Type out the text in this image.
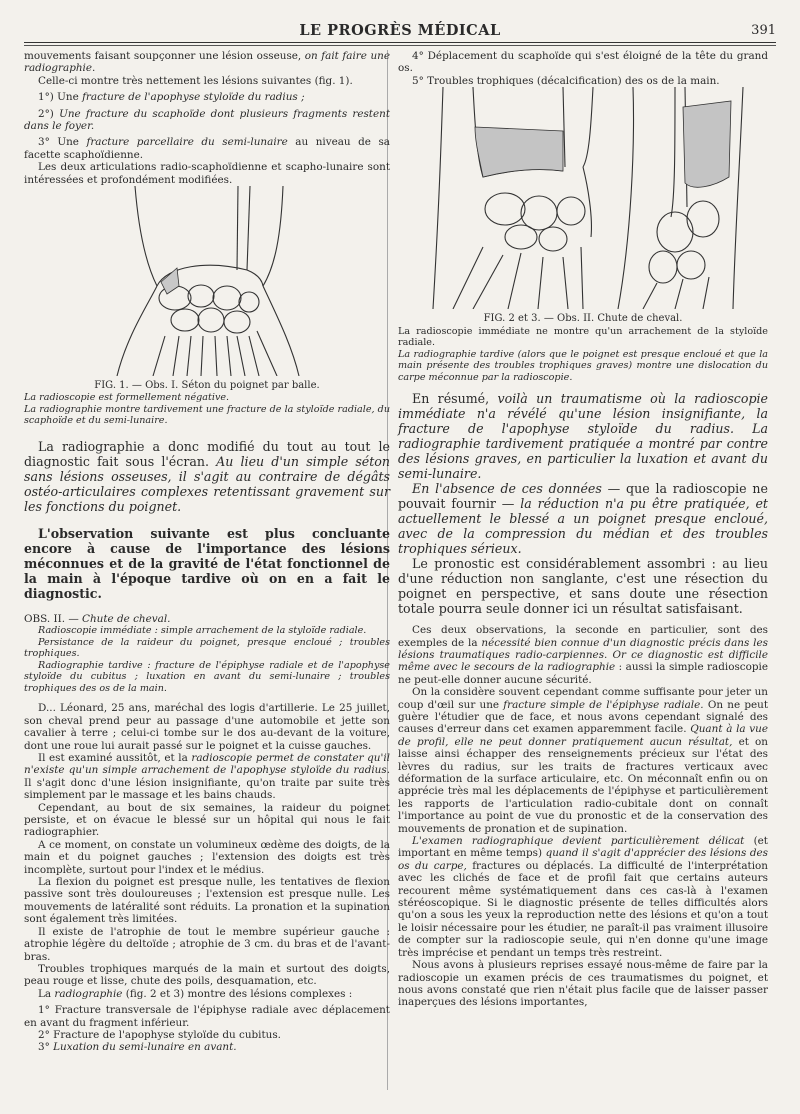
LE PROGRÈS MÉDICAL	391

mouvements faisant soupçonner une lésion osseuse, on fait faire une radiographie.

Celle-ci montre très nettement les lésions suivantes (fig. 1).

1°) Une fracture de l'apophyse styloïde du radius ;

2°) Une fracture du scaphoïde dont plusieurs fragments restent dans le foyer.

3° Une fracture parcellaire du semi-lunaire au niveau de sa facette scaphoïdienne.

Les deux articulations radio-scaphoïdienne et scapho-lunaire sont intéressées et profondément modifiées.

FIG. 1. — Obs. I. Séton du poignet par balle.

La radioscopie est formellement négative.

La radiographie montre tardivement une fracture de la styloïde radiale, du scaphoïde et du semi-lunaire.

La radiographie a donc modifié du tout au tout le diagnostic fait sous l'écran. Au lieu d'un simple séton sans lésions osseuses, il s'agit au contraire de dégâts ostéo-articulaires complexes retentissant gravement sur les fonctions du poignet.

L'observation suivante est plus concluante encore à cause de l'importance des lésions méconnues et de la gravité de l'état fonctionnel de la main à l'époque tardive où on en a fait le diagnostic.

OBS. II. — Chute de cheval.

Radioscopie immédiate : simple arrachement de la styloïde radiale.

Persistance de la raideur du poignet, presque encloué ; troubles trophiques.

Radiographie tardive : fracture de l'épiphyse radiale et de l'apophyse styloïde du cubitus ; luxation en avant du semi-lunaire ; troubles trophiques des os de la main.

D... Léonard, 25 ans, maréchal des logis d'artillerie. Le 25 juillet, son cheval prend peur au passage d'une automobile et jette son cavalier à terre ; celui-ci tombe sur le dos au-devant de la voiture, dont une roue lui aurait passé sur le poignet et la cuisse gauches.

Il est examiné aussitôt, et la radioscopie permet de constater qu'il n'existe qu'un simple arrachement de l'apophyse styloïde du radius. Il s'agit donc d'une lésion insignifiante, qu'on traite par suite très simplement par le massage et les bains chauds.

Cependant, au bout de six semaines, la raideur du poignet persiste, et on évacue le blessé sur un hôpital qui nous le fait radiographier.

A ce moment, on constate un volumineux œdème des doigts, de la main et du poignet gauches ; l'extension des doigts est très incomplète, surtout pour l'index et le médius.

La flexion du poignet est presque nulle, les tentatives de flexion passive sont très douloureuses ; l'extension est presque nulle. Les mouvements de latéralité sont réduits. La pronation et la supination sont également très limitées.

Il existe de l'atrophie de tout le membre supérieur gauche : atrophie légère du deltoïde ; atrophie de 3 cm. du bras et de l'avant-bras.

Troubles trophiques marqués de la main et surtout des doigts, peau rouge et lisse, chute des poils, desquamation, etc.

La radiographie (fig. 2 et 3) montre des lésions complexes :

1° Fracture transversale de l'épiphyse radiale avec déplacement en avant du fragment inférieur.

2° Fracture de l'apophyse styloïde du cubitus.

3° Luxation du semi-lunaire en avant.

4° Déplacement du scaphoïde qui s'est éloigné de la tête du grand os.

5° Troubles trophiques (décalcification) des os de la main.

FIG. 2 et 3. — Obs. II. Chute de cheval.

La radioscopie immédiate ne montre qu'un arrachement de la styloïde radiale.

La radiographie tardive (alors que le poignet est presque encloué et que la main présente des troubles trophiques graves) montre une dislocation du carpe méconnue par la radioscopie.

En résumé, voilà un traumatisme où la radioscopie immédiate n'a révélé qu'une lésion insignifiante, la fracture de l'apophyse styloïde du radius. La radiographie tardivement pratiquée a montré par contre des lésions graves, en particulier la luxation et avant du semi-lunaire.

En l'absence de ces données — que la radioscopie ne pouvait fournir — la réduction n'a pu être pratiquée, et actuellement le blessé a un poignet presque encloué, avec de la compression du médian et des troubles trophiques sérieux.

Le pronostic est considérablement assombri : au lieu d'une réduction non sanglante, c'est une résection du poignet en perspective, et sans doute une résection totale pourra seule donner ici un résultat satisfaisant.

Ces deux observations, la seconde en particulier, sont des exemples de la nécessité bien connue d'un diagnostic précis dans les lésions traumatiques radio-carpiennes. Or ce diagnostic est difficile même avec le secours de la radiographie : aussi la simple radioscopie ne peut-elle donner aucune sécurité.

On la considère souvent cependant comme suffisante pour jeter un coup d'œil sur une fracture simple de l'épiphyse radiale. On ne peut guère l'étudier que de face, et nous avons cependant signalé des causes d'erreur dans cet examen apparemment facile. Quant à la vue de profil, elle ne peut donner pratiquement aucun résultat, et on laisse ainsi échapper des renseignements précieux sur l'état des lèvres du radius, sur les traits de fractures verticaux avec déformation de la surface articulaire, etc. On méconnaît enfin ou on apprécie très mal les déplacements de l'épiphyse et particulièrement les rapports de l'articulation radio-cubitale dont on connaît l'importance au point de vue du pronostic et de la conservation des mouvements de pronation et de supination.

L'examen radiographique devient particulièrement délicat (et important en même temps) quand il s'agit d'apprécier des lésions des os du carpe, fractures ou déplacés. La difficulté de l'interprétation avec les clichés de face et de profil fait que certains auteurs recourent même systématiquement dans ces cas-là à l'examen stéréoscopique. Si le diagnostic présente de telles difficultés alors qu'on a sous les yeux la reproduction nette des lésions et qu'on a tout le loisir nécessaire pour les étudier, ne paraît-il pas vraiment illusoire de compter sur la radioscopie seule, qui n'en donne qu'une image très imprécise et pendant un temps très restreint.

Nous avons à plusieurs reprises essayé nous-même de faire par la radioscopie un examen précis de ces traumatismes du poignet, et nous avons constaté que rien n'était plus facile que de laisser passer inaperçues des lésions importantes,
